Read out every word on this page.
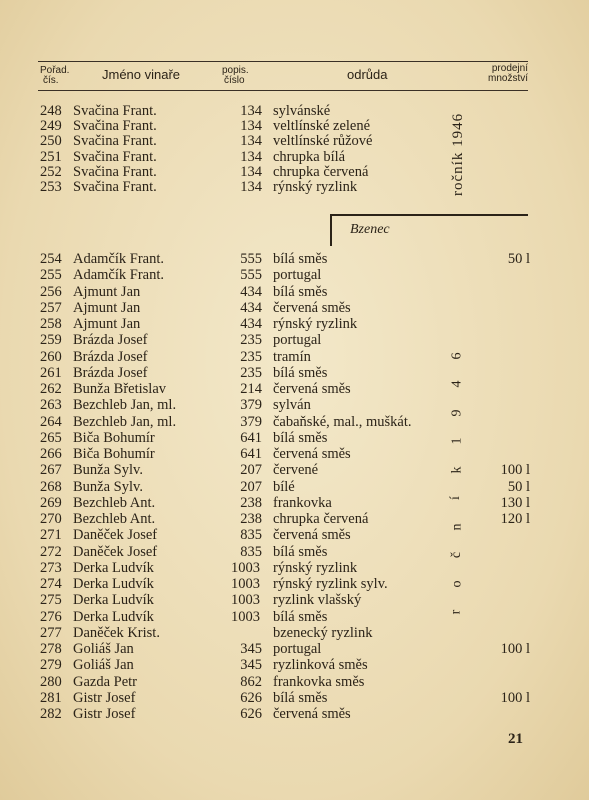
Pořad.
čís.	Jméno vinaře	popis.
číslo	odrůda	prodejní
množství
248 Svačina Frant.	134 sylvánské
249 Svačina Frant.	134 veltlínské zelené
250 Svačina Frant.	134 veltlínské růžové
251 Svačina Frant.	134 chrupka bílá
252 Svačina Frant.	134 chrupka červená
253 Svačina Frant.	134 rýnský ryzlink
254 Adamčík Frant.	555 bílá směs	50 l
255 Adamčík Frant.	555 portugal
256 Ajmunt Jan	434 bílá směs
257 Ajmunt Jan	434 červená směs
258 Ajmunt Jan	434 rýnský ryzlink
259 Brázda Josef	235 portugal
260 Brázda Josef	235 tramín
261 Brázda Josef	235 bílá směs
262 Bunža Břetislav	214 červená směs
263 Bezchleb Jan, ml.	379 sylván
264 Bezchleb Jan, ml.	379 čabaňské, mal., muškát.
265 Biča Bohumír	641 bílá směs
266 Biča Bohumír	641 červená směs
267 Bunža Sylv.	207 červené	100 l
268 Bunža Sylv.	207 bílé	50 l
269 Bezchleb Ant.	238 frankovka	130 l
270 Bezchleb Ant.	238 chrupka červená	120 l
271 Daněček Josef	835 červená směs
272 Daněček Josef	835 bílá směs
273 Derka Ludvík	1003 rýnský ryzlink
274 Derka Ludvík	1003 rýnský ryzlink sylv.
275 Derka Ludvík	1003 ryzlink vlašský
276 Derka Ludvík	1003 bílá směs
277 Daněček Krist.	bzenecký ryzlink
278 Goliáš Jan	345 portugal	100 l
279 Goliáš Jan	345 ryzlinková směs
280 Gazda Petr	862 frankovka směs
281 Gistr Josef	626 bílá směs	100 l
282 Gistr Josef	626 červená směs
ročník 1946
Bzenec
r
o
č
n
í
k
1
9
4
6
21
